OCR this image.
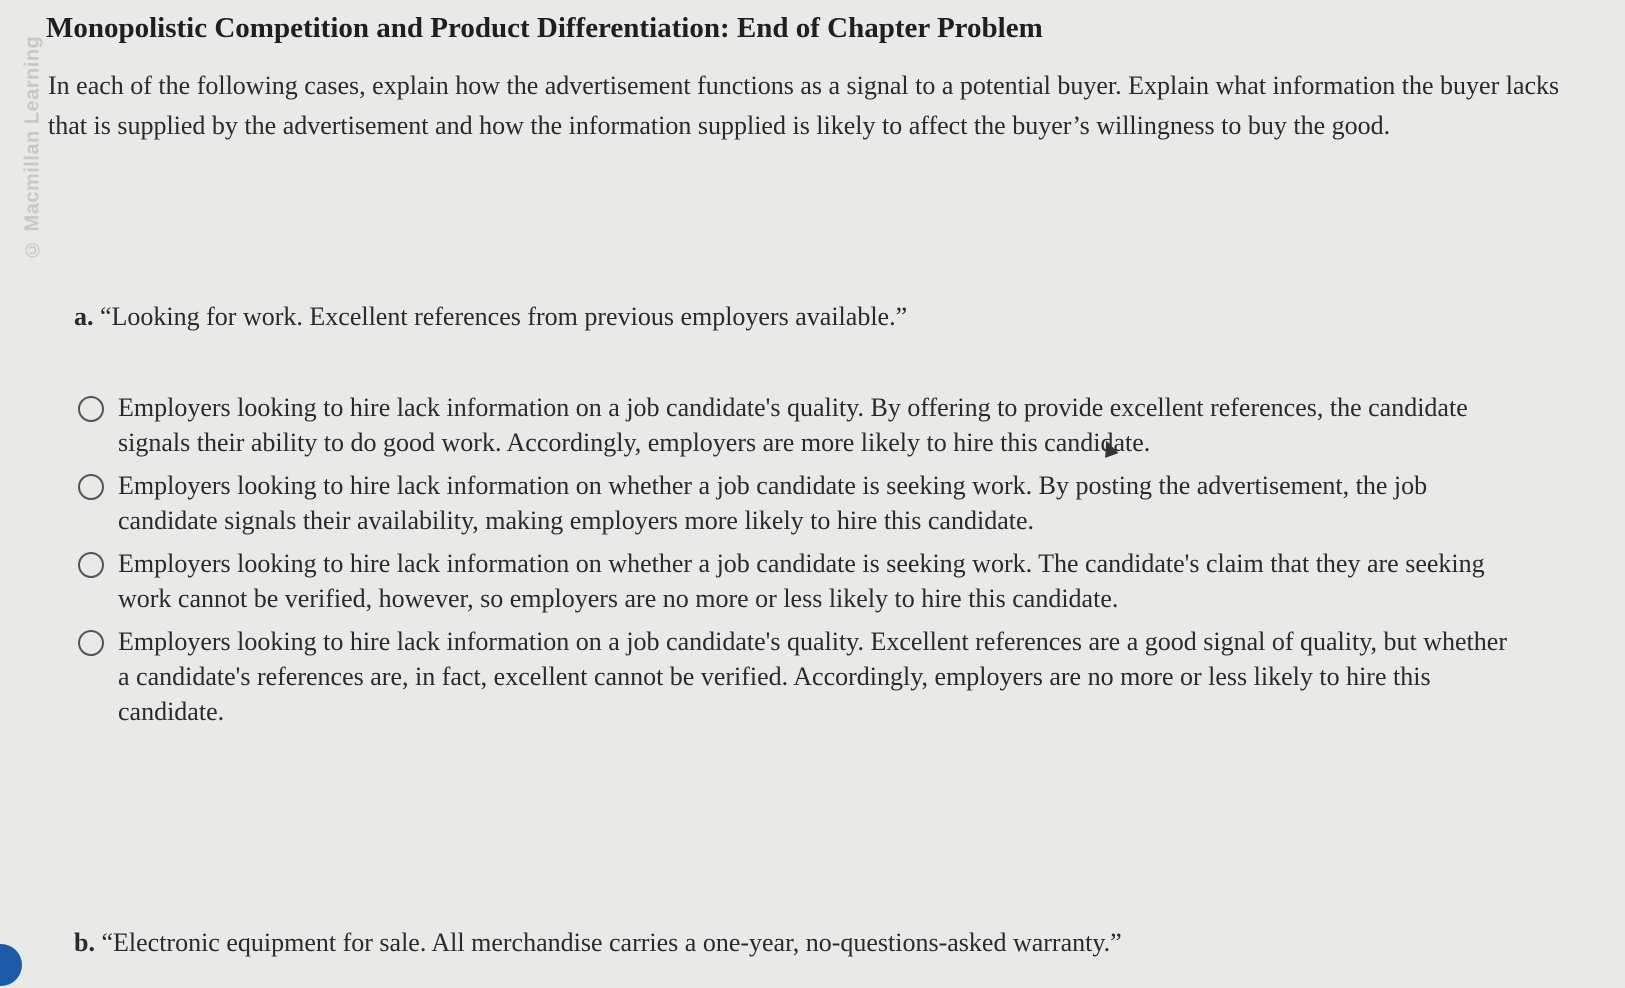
© Macmillan Learning
Monopolistic Competition and Product Differentiation: End of Chapter Problem
In each of the following cases, explain how the advertisement functions as a signal to a potential buyer. Explain what information the buyer lacks that is supplied by the advertisement and how the information supplied is likely to affect the buyer’s willingness to buy the good.
a. “Looking for work. Excellent references from previous employers available.”
Employers looking to hire lack information on a job candidate's quality. By offering to provide excellent references, the candidate signals their ability to do good work. Accordingly, employers are more likely to hire this candidate.
Employers looking to hire lack information on whether a job candidate is seeking work. By posting the advertisement, the job candidate signals their availability, making employers more likely to hire this candidate.
Employers looking to hire lack information on whether a job candidate is seeking work. The candidate's claim that they are seeking work cannot be verified, however, so employers are no more or less likely to hire this candidate.
Employers looking to hire lack information on a job candidate's quality. Excellent references are a good signal of quality, but whether a candidate's references are, in fact, excellent cannot be verified. Accordingly, employers are no more or less likely to hire this candidate.
b. “Electronic equipment for sale. All merchandise carries a one-year, no-questions-asked warranty.”
